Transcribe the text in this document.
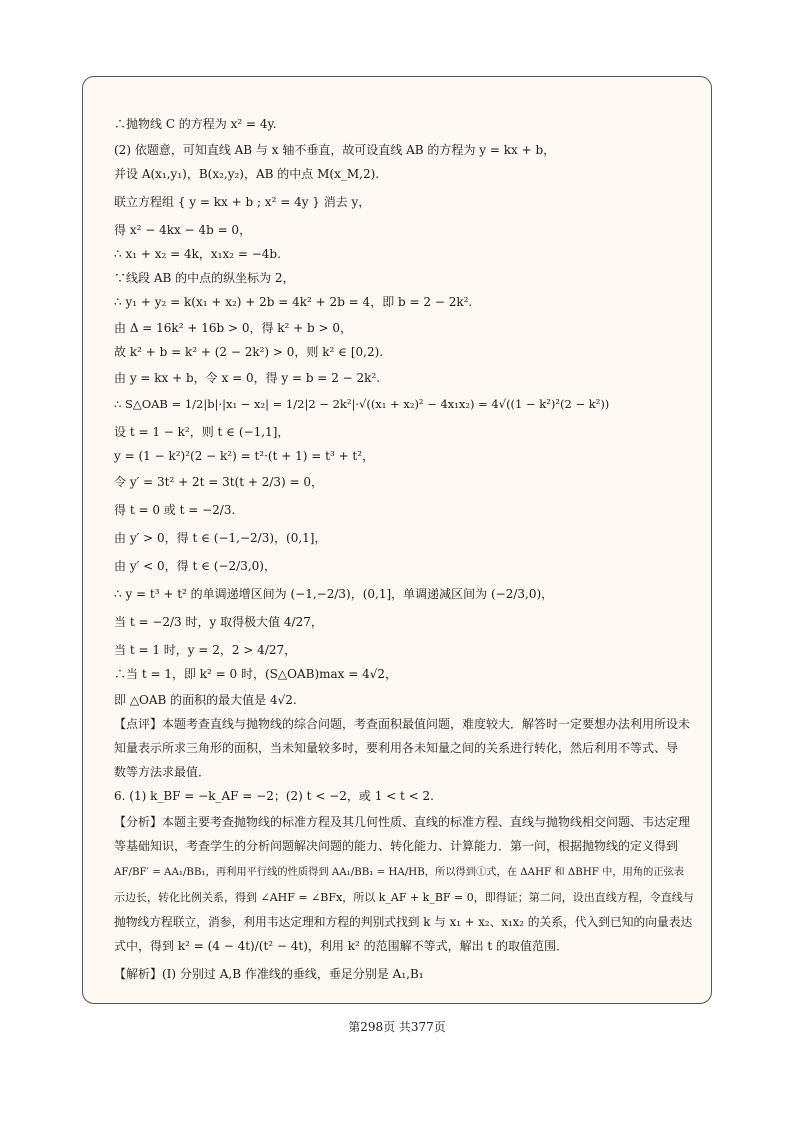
∴抛物线 C 的方程为 x² = 4y.
(2) 依题意，可知直线 AB 与 x 轴不垂直，故可设直线 AB 的方程为 y = kx + b，
并设 A(x₁,y₁)，B(x₂,y₂)，AB 的中点 M(x_M,2).
联立方程组 { y = kx + b ; x² = 4y } 消去 y，
得 x² − 4kx − 4b = 0，
∴ x₁ + x₂ = 4k，x₁x₂ = −4b.
∵线段 AB 的中点的纵坐标为 2，
∴ y₁ + y₂ = k(x₁ + x₂) + 2b = 4k² + 2b = 4，即 b = 2 − 2k².
由 Δ = 16k² + 16b > 0，得 k² + b > 0，
故 k² + b = k² + (2 − 2k²) > 0，则 k² ∈ [0,2).
由 y = kx + b，令 x = 0，得 y = b = 2 − 2k².
∴ S△OAB = 1/2|b|·|x₁ − x₂| = 1/2|2 − 2k²|·√((x₁ + x₂)² − 4x₁x₂) = 4√((1 − k²)²(2 − k²))
设 t = 1 − k²，则 t ∈ (−1,1]，
y = (1 − k²)²(2 − k²) = t²·(t + 1) = t³ + t²，
令 y′ = 3t² + 2t = 3t(t + 2/3) = 0，
得 t = 0 或 t = −2/3.
由 y′ > 0，得 t ∈ (−1,−2/3)，(0,1]，
由 y′ < 0，得 t ∈ (−2/3,0)，
∴ y = t³ + t² 的单调递增区间为 (−1,−2/3)，(0,1]，单调递减区间为 (−2/3,0)，
当 t = −2/3 时，y 取得极大值 4/27，
当 t = 1 时，y = 2，2 > 4/27，
∴当 t = 1，即 k² = 0 时，(S△OAB)max = 4√2，
即 △OAB 的面积的最大值是 4√2.
【点评】本题考查直线与抛物线的综合问题，考查面积最值问题，难度较大．解答时一定要想办法利用所设未
知量表示所求三角形的面积，当未知量较多时，要利用各未知量之间的关系进行转化，然后利用不等式、导
数等方法求最值．
6. (1) k_BF = −k_AF = −2；(2) t < −2，或 1 < t < 2.
【分析】本题主要考查抛物线的标准方程及其几何性质、直线的标准方程、直线与抛物线相交问题、韦达定理
等基础知识，考查学生的分析问题解决问题的能力、转化能力、计算能力．第一问，根据抛物线的定义得到
AF/BF′ = AA₁/BB₁，再利用平行线的性质得到 AA₁/BB₁ = HA/HB，所以得到①式，在 ΔAHF 和 ΔBHF 中，用角的正弦表
示边长，转化比例关系，得到 ∠AHF = ∠BFx，所以 k_AF + k_BF = 0，即得证；第二问，设出直线方程，令直线与
抛物线方程联立，消参，利用韦达定理和方程的判别式找到 k 与 x₁ + x₂、x₁x₂ 的关系，代入到已知的向量表达
式中，得到 k² = (4 − 4t)/(t² − 4t)，利用 k² 的范围解不等式，解出 t 的取值范围．
【解析】(Ⅰ) 分别过 A,B 作准线的垂线，垂足分别是 A₁,B₁
第298页 共377页
